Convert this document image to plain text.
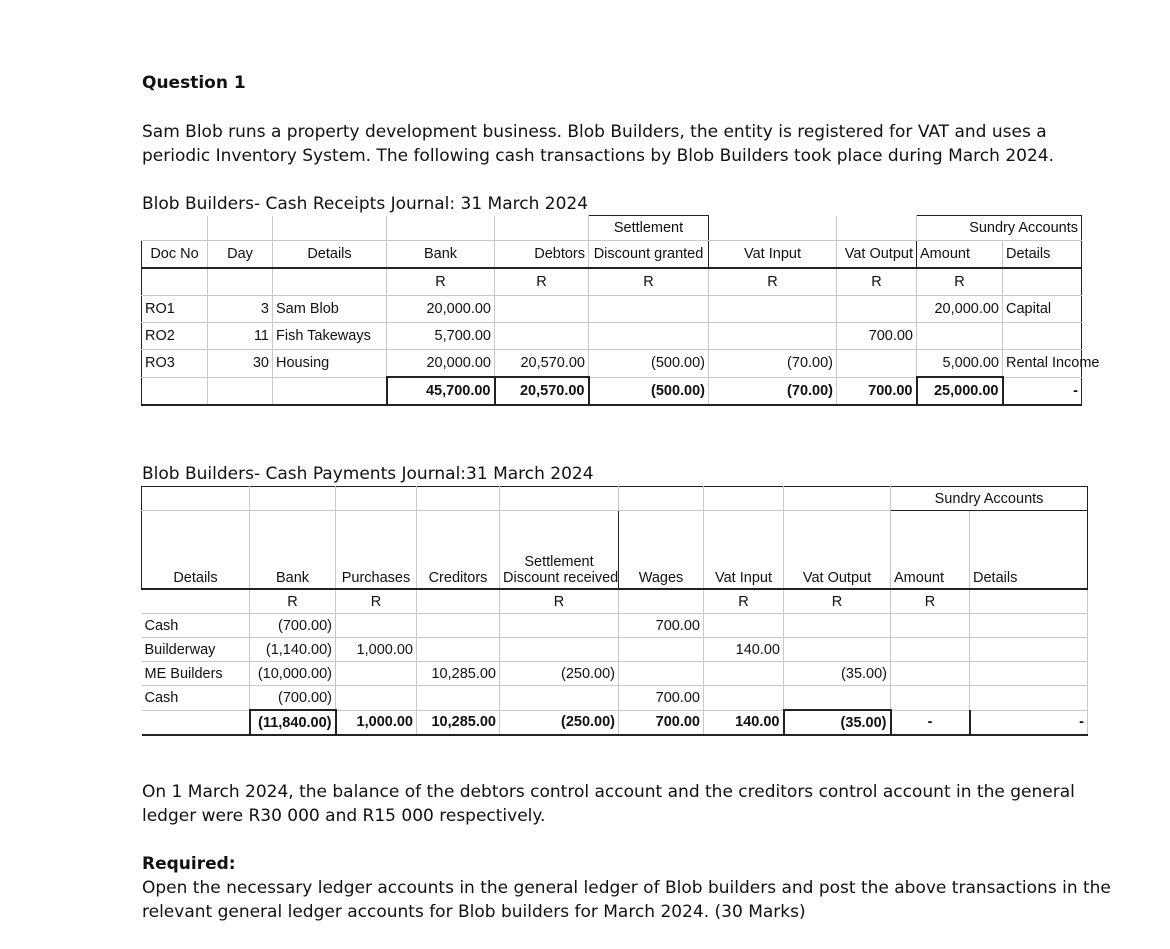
Question 1
Sam Blob runs a property development business. Blob Builders, the entity is registered for VAT and uses a
periodic Inventory System. The following cash transactions by Blob Builders took place during March 2024.
Blob Builders- Cash Receipts Journal: 31 March 2024
					Settlement			Sundry Accounts	
Doc No	Day	Details	Bank	Debtors	Discount granted	Vat Input	Vat Output	Amount	Details
			R	R	R	R	R	R	
RO1	3	Sam Blob	20,000.00					20,000.00	Capital
RO2	11	Fish Takeways	5,700.00				700.00		
RO3	30	Housing	20,000.00	20,570.00	(500.00)	(70.00)		5,000.00	Rental Income
			45,700.00	20,570.00	(500.00)	(70.00)	700.00	25,000.00	-
Blob Builders- Cash Payments Journal:31 March 2024
								Sundry Accounts	
Details	Bank	Purchases	Creditors	Settlement
Discount received	Wages	Vat Input	Vat Output	Amount	Details
	R	R		R		R	R	R	
Cash	(700.00)				700.00				
Builderway	(1,140.00)	1,000.00				140.00			
ME Builders	(10,000.00)		10,285.00	(250.00)			(35.00)		
Cash	(700.00)				700.00				
	(11,840.00)	1,000.00	10,285.00	(250.00)	700.00	140.00	(35.00)	-	-
On 1 March 2024, the balance of the debtors control account and the creditors control account in the general
ledger were R30 000 and R15 000 respectively.
Required:
Open the necessary ledger accounts in the general ledger of Blob builders and post the above transactions in the
relevant general ledger accounts for Blob builders for March 2024. (30 Marks)
